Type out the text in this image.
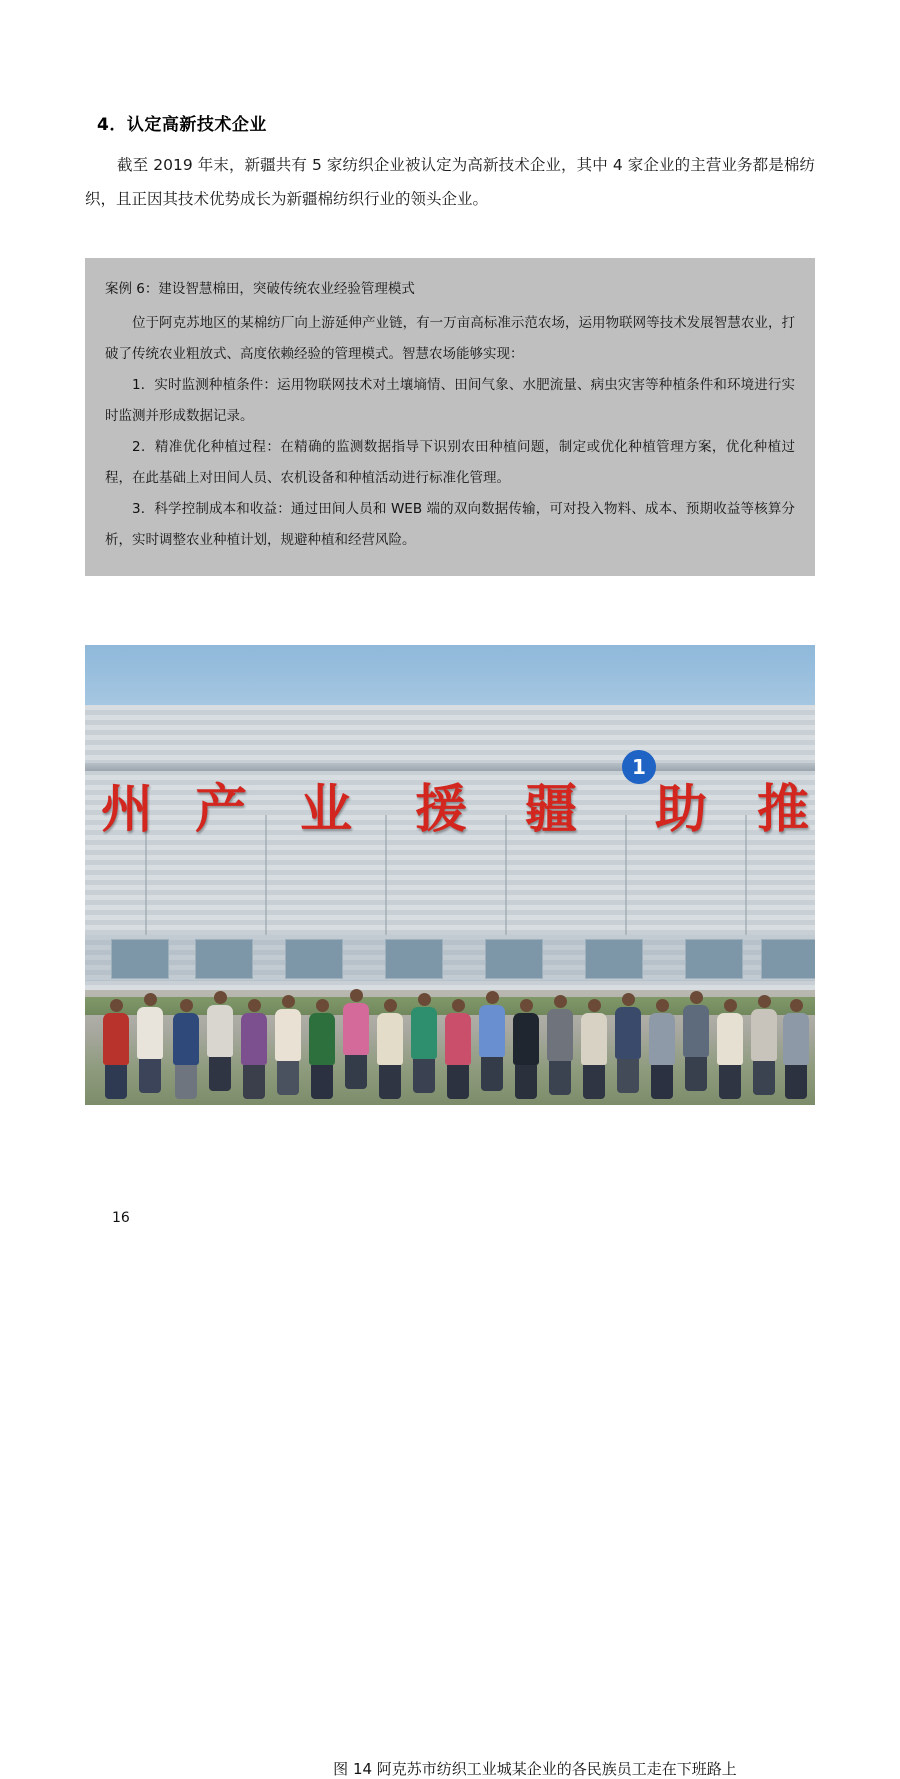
4．认定高新技术企业
截至 2019 年末，新疆共有 5 家纺织企业被认定为高新技术企业，其中 4 家企业的主营业务都是棉纺织，且正因其技术优势成长为新疆棉纺织行业的领头企业。
案例 6：建设智慧棉田，突破传统农业经验管理模式
位于阿克苏地区的某棉纺厂向上游延伸产业链，有一万亩高标准示范农场，运用物联网等技术发展智慧农业，打破了传统农业粗放式、高度依赖经验的管理模式。智慧农场能够实现：
1．实时监测种植条件：运用物联网技术对土壤墒情、田间气象、水肥流量、病虫灾害等种植条件和环境进行实时监测并形成数据记录。
2．精准优化种植过程：在精确的监测数据指导下识别农田种植问题，制定或优化种植管理方案，优化种植过程，在此基础上对田间人员、农机设备和种植活动进行标准化管理。
3．科学控制成本和收益：通过田间人员和 WEB 端的双向数据传输，可对投入物料、成本、预期收益等核算分析，实时调整农业种植计划，规避种植和经营风险。
州 产 业 援 疆 助 推
1
图 14 阿克苏市纺织工业城某企业的各民族员工走在下班路上
16
